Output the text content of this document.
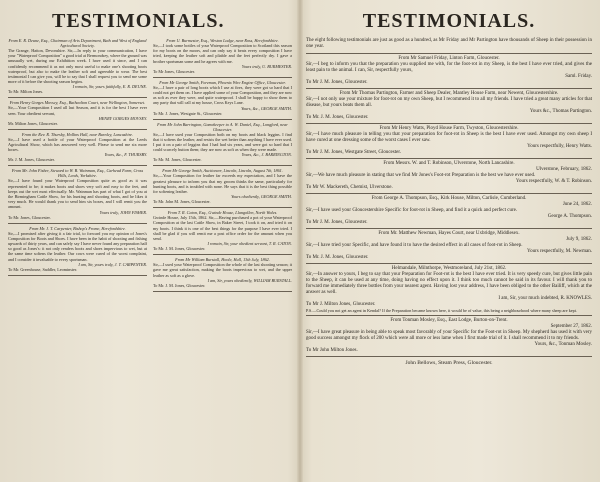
TESTIMONIALS.
From E. R. Deune, Esq., Chairman of Arts Department, Bath and West of England Agricultural Society.
The Grange, Hatton, Devonshire. Sir,—In reply to your communication, I have your "Waterproof Composition" a good trial at Bermondsey, where the ground was unusually wet, during our Exhibition week. I have used it since, and I can confidently recommend it as not only most useful to make one's shooting boots waterproof, but also to make the leather soft and agreeable to wear. The best testimonial I can give you, will be to say that I shall request you to send me some more of it before the shooting season begins.
I remain, Sir, yours faithfully, E. R. DEUNE.
To Mr. Milton Jones.
From Henry Gorges Movsey, Esq., Bathealton Court, near Wellington, Somerset.
Sir,—Your Composition I used all last Season, and it is for the best I have ever seen. Your obedient servant,
HENRY GORGES MOVSEY.
Mr. Milton Jones, Gloucester.
From the Rev. R. Thursby, Hollins Hall, near Burnley, Lancashire.
Sir,—I have used a bottle of your Waterproof Composition at the Leeds Agricultural Show, which has answered very well. Please to send me six more boxes.
Yours, &c., F. THURSBY.
Mr. J. M. Jones, Gloucester.
From Mr. John Fisher, Steward to W. B. Wainman, Esq., Carhead Farm, Cross Hills, Leeds, Yorkshire.
Sir,—I have found your Waterproof Composition quite as good as it was represented to be; it makes boots and shoes very soft and easy to the feet, and keeps out the wet most effectually. Mr. Wainman has part of what I got of you at the Birmingham Cattle Show, for his hunting and shooting boots, and he likes it very much. He would thank you to send him six boxes, and I will remit you the amount.
Yours truly, JOHN FISHER.
To Mr. Jones, Gloucester.
From Mr. J. T. Carpenter, Bishop's Frome, Herefordshire.
Sir,—I promised after giving it a fair trial, to forward you my opinion of Jones's Composition for Boots and Shoes. I have been in the habit of shooting and fishing upwards of thirty years, and can safely say I have never found any preparation half so good as Jones's: it not only renders boots and shoes impervious to wet, but at the same time softens the leather. Our cows were cured of the worst complaint, and I consider it invaluable to every sportsman.
I am, Sir, yours truly, J. T. CARPENTER.
To Mr. Greenhouse, Saddler, Leominster.
From U. Burmester, Esq., Weston Lodge, near Ross, Herefordshire.
Sir,—I took some bottles of your Waterproof Composition to Scotland this season for my boots on the moors, and can only say it beats every composition I have tried, keeping the leather soft and pliable and the feet perfectly dry. I gave a brother sportsman some and he agrees with me.
Yours truly, U. BURMESTER.
To Mr Jones, Gloucester.
From Mr George Smith, Foreman, Phoenix Wire Engine Office, Gloucester.
Sir,—I have a pair of long boots which I use at fires, they were got so hard that I could not get them on. I have applied some of your Composition, and they are now as soft as ever they were, and quite waterproof. I shall be happy to show them to any party that will call at my house, Cross Keys Lane.
Yours, &c., GEORGE SMITH.
To Mr. J. Jones, Westgate St., Gloucester.
From Mr John Barrington, Gamekeeper to A. W. Daniel, Esq., Longford, near Gloucester.
Sir,—I have used your Composition both on my boots and black leggins. I find that it softens the leather, and resists the wet better than anything I have ever used. I put it on a pair of leggins that I had had six years, and were got so hard that I could scarcely button them; they are now as soft as when they were made.
Yours, &c., J. BARRINGTON.
To Mr. M. Jones, Gloucester.
From Mr George Smith, Auctioneer, Lincoln, Lincoln, August 7th, 1861.
Sir,—Your Composition for leather far exceeds my expectation, and I have the greatest pleasure to inform you that my groom thinks the same, particularly for hunting boots, and is troubled with none. He says that it is the best thing possible for softening leather.
Yours obediently, GEORGE SMITH.
To Mr. John M. Jones, Gloucester.
From T. R. Caton, Esq., Gwinde House, Llangollen, North Wales.
Gwinde House, July 15th, 1862. Sir,—Having purchased a pot of your Waterproof Composition at the last Cattle Show, in Baker Street, I took it on, and tried it on my boots. I think it is one of the best things for the purpose I have ever tried. I shall be glad if you will remit me a post office order for the amount when you send.
I remain, Sir, your obedient servant, T. R. CATON.
To Mr. J. M. Jones, Gloucester.
From Mr William Burstall, Hoole, Hull, 13th July, 1862.
Sir,—I used your Waterproof Composition the whole of the last shooting season; it gave me great satisfaction, making the boots impervious to wet, and the upper leather as soft as a glove.
I am, Sir, yours obediently, WILLIAM BURSTALL.
To Mr. J. M. Jones, Gloucester.
TESTIMONIALS.
The eight following testimonials are just as good as a hundred, as Mr Friday and Mr Partington have thousands of Sheep in their possession in one year.
From Mr Samuel Friday, Linton Farm, Gloucester.
Sir,—I beg to inform you that the preparation you supplied me with, for the foot-rot in my Sheep, is the best I have ever tried, and gives the least pain to the animal. I can, Sir, respectfully yours,
Saml. Friday.
To Mr J. M. Jones, Gloucester.
From Mr Thomas Partington, Farmer and Sheep Dealer, Mantley House Farm, near Newent, Gloucestershire.
Sir,—I not only use your mixture for foot-rot on my own Sheep, but I recommend it to all my friends. I have tried a great many articles for that disease, but yours beats them all.
Yours &c., Thomas Partington.
To Mr. J. M. Jones, Gloucester.
From Mr Henry Watts, Ployd House Farm, Twyston, Gloucestershire.
Sir,—I have much pleasure in telling you that your preparation for foot-rot in Sheep is the best I have ever used. Amongst my own sheep I have cured at one dressing some of the worst cases I ever saw.
Yours respectfully, Henry Watts.
To Mr J. M. Jones, Westgate Street, Gloucester.
From Messrs. W. and T. Robinson, Ulverstone, North Lancashire.
Ulverstone, February, 1862.
Sir,—We have much pleasure in stating that we find Mr Jones's Foot-rot Preparation is the best we have ever used.
Yours respectfully, W. & T. Robinson.
To Mr W. Mackereth, Chemist, Ulverstone.
From George A. Thompson, Esq., Kirk House, Milton, Carlisle, Cumberland.
June 24, 1862.
Sir,—I have used your Gloucestershire Specific for foot-rot in Sheep, and find it a quick and perfect cure.
George A. Thompson.
To Mr J. M. Jones, Gloucester.
From Mr. Matthew Newman, Hayes Court, near Uxbridge, Middlesex.
July 9, 1862.
Sir,—I have tried your Specific, and have found it to have the desired effect in all cases of foot-rot in Sheep.
Yours respectfully, M. Newman.
To Mr. J. M. Jones, Gloucester.
Helmandale, Milnthorpe, Westmoreland, July 21st, 1862.
Sir,—In answer to yours, I beg to say that your Preparation for Foot-rot is the best I have ever tried. It is very speedy cure, but gives little pain to the Sheep, it can be used at any time, doing having no effect upon it. I think too much cannot be said in its favour. I will thank you to forward me immediately three bottles from your nearest agent. Having lost your address, I have been obliged to the other Bailiff, which at the answer as well.
I am, Sir, your much indebted, R. KNOWLES.
To Mr J. Milton Jones, Gloucester.
P.S.—Could you not get an agent in Kendal? If the Preparation became known here, it would be of value, this being a neighbourhood where many sheep are kept.
From Tonman Mosley, Esq., East Lodge, Burton-on-Trent.
September 27, 1862.
Sir,—I have great pleasure in being able to speak most favorably of your Specific for the Foot-rot in Sheep. My shepherd has used it with very good success amongst my flock of 200 which were all more or less lame when I first made trial of it. I shall recommend it to my friends.
Yours, &c., Tonman Mosley.
To Mr John Milton Jones.
John Bellows, Steam Press, Gloucester.
